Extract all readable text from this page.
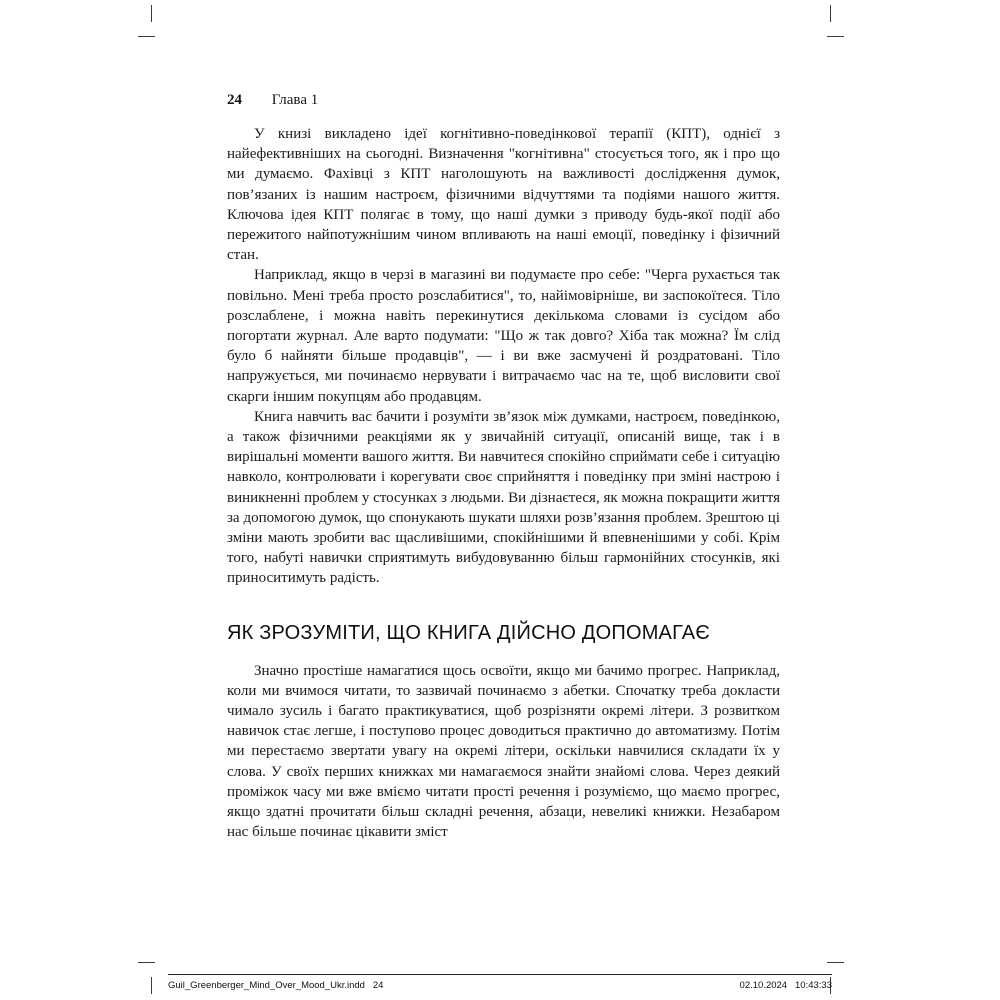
24 Глава 1

У книзі викладено ідеї когнітивно-поведінкової терапії (КПТ), однієї з найефективніших на сьогодні. Визначення "когнітивна" стосується того, як і про що ми думаємо. Фахівці з КПТ наголошують на важливості дослідження думок, пов’язаних із нашим настроєм, фізичними відчуттями та подіями нашого життя. Ключова ідея КПТ полягає в тому, що наші думки з приводу будь-якої події або пережитого найпотужнішим чином впливають на наші емоції, поведінку і фізичний стан.

Наприклад, якщо в черзі в магазині ви подумаєте про себе: "Черга рухається так повільно. Мені треба просто розслабитися", то, найімовірніше, ви заспокоїтеся. Тіло розслаблене, і можна навіть перекинутися декількома словами із сусідом або погортати журнал. Але варто подумати: "Що ж так довго? Хіба так можна? Їм слід було б найняти більше продавців", — і ви вже засмучені й роздратовані. Тіло напружується, ми починаємо нервувати і витрачаємо час на те, щоб висловити свої скарги іншим покупцям або продавцям.

Книга навчить вас бачити і розуміти зв’язок між думками, настроєм, поведінкою, а також фізичними реакціями як у звичайній ситуації, описаній вище, так і в вирішальні моменти вашого життя. Ви навчитеся спокійно сприймати себе і ситуацію навколо, контролювати і корегувати своє сприйняття і поведінку при зміні настрою і виникненні проблем у стосунках з людьми. Ви дізнаєтеся, як можна покращити життя за допомогою думок, що спонукають шукати шляхи розв’язання проблем. Зрештою ці зміни мають зробити вас щасливішими, спокійнішими й впевненішими у собі. Крім того, набуті навички сприятимуть вибудовуванню більш гармонійних стосунків, які приноситимуть радість.

ЯК ЗРОЗУМІТИ, ЩО КНИГА ДІЙСНО ДОПОМАГАЄ

Значно простіше намагатися щось освоїти, якщо ми бачимо прогрес. Наприклад, коли ми вчимося читати, то зазвичай починаємо з абетки. Спочатку треба докласти чимало зусиль і багато практикуватися, щоб розрізняти окремі літери. З розвитком навичок стає легше, і поступово процес доводиться практично до автоматизму. Потім ми перестаємо звертати увагу на окремі літери, оскільки навчилися складати їх у слова. У своїх перших книжках ми намагаємося знайти знайомі слова. Через деякий проміжок часу ми вже вміємо читати прості речення і розуміємо, що маємо прогрес, якщо здатні прочитати більш складні речення, абзаци, невеликі книжки. Незабаром нас більше починає цікавити зміст

Guil_Greenberger_Mind_Over_Mood_Ukr.indd   24	02.10.2024   10:43:33
